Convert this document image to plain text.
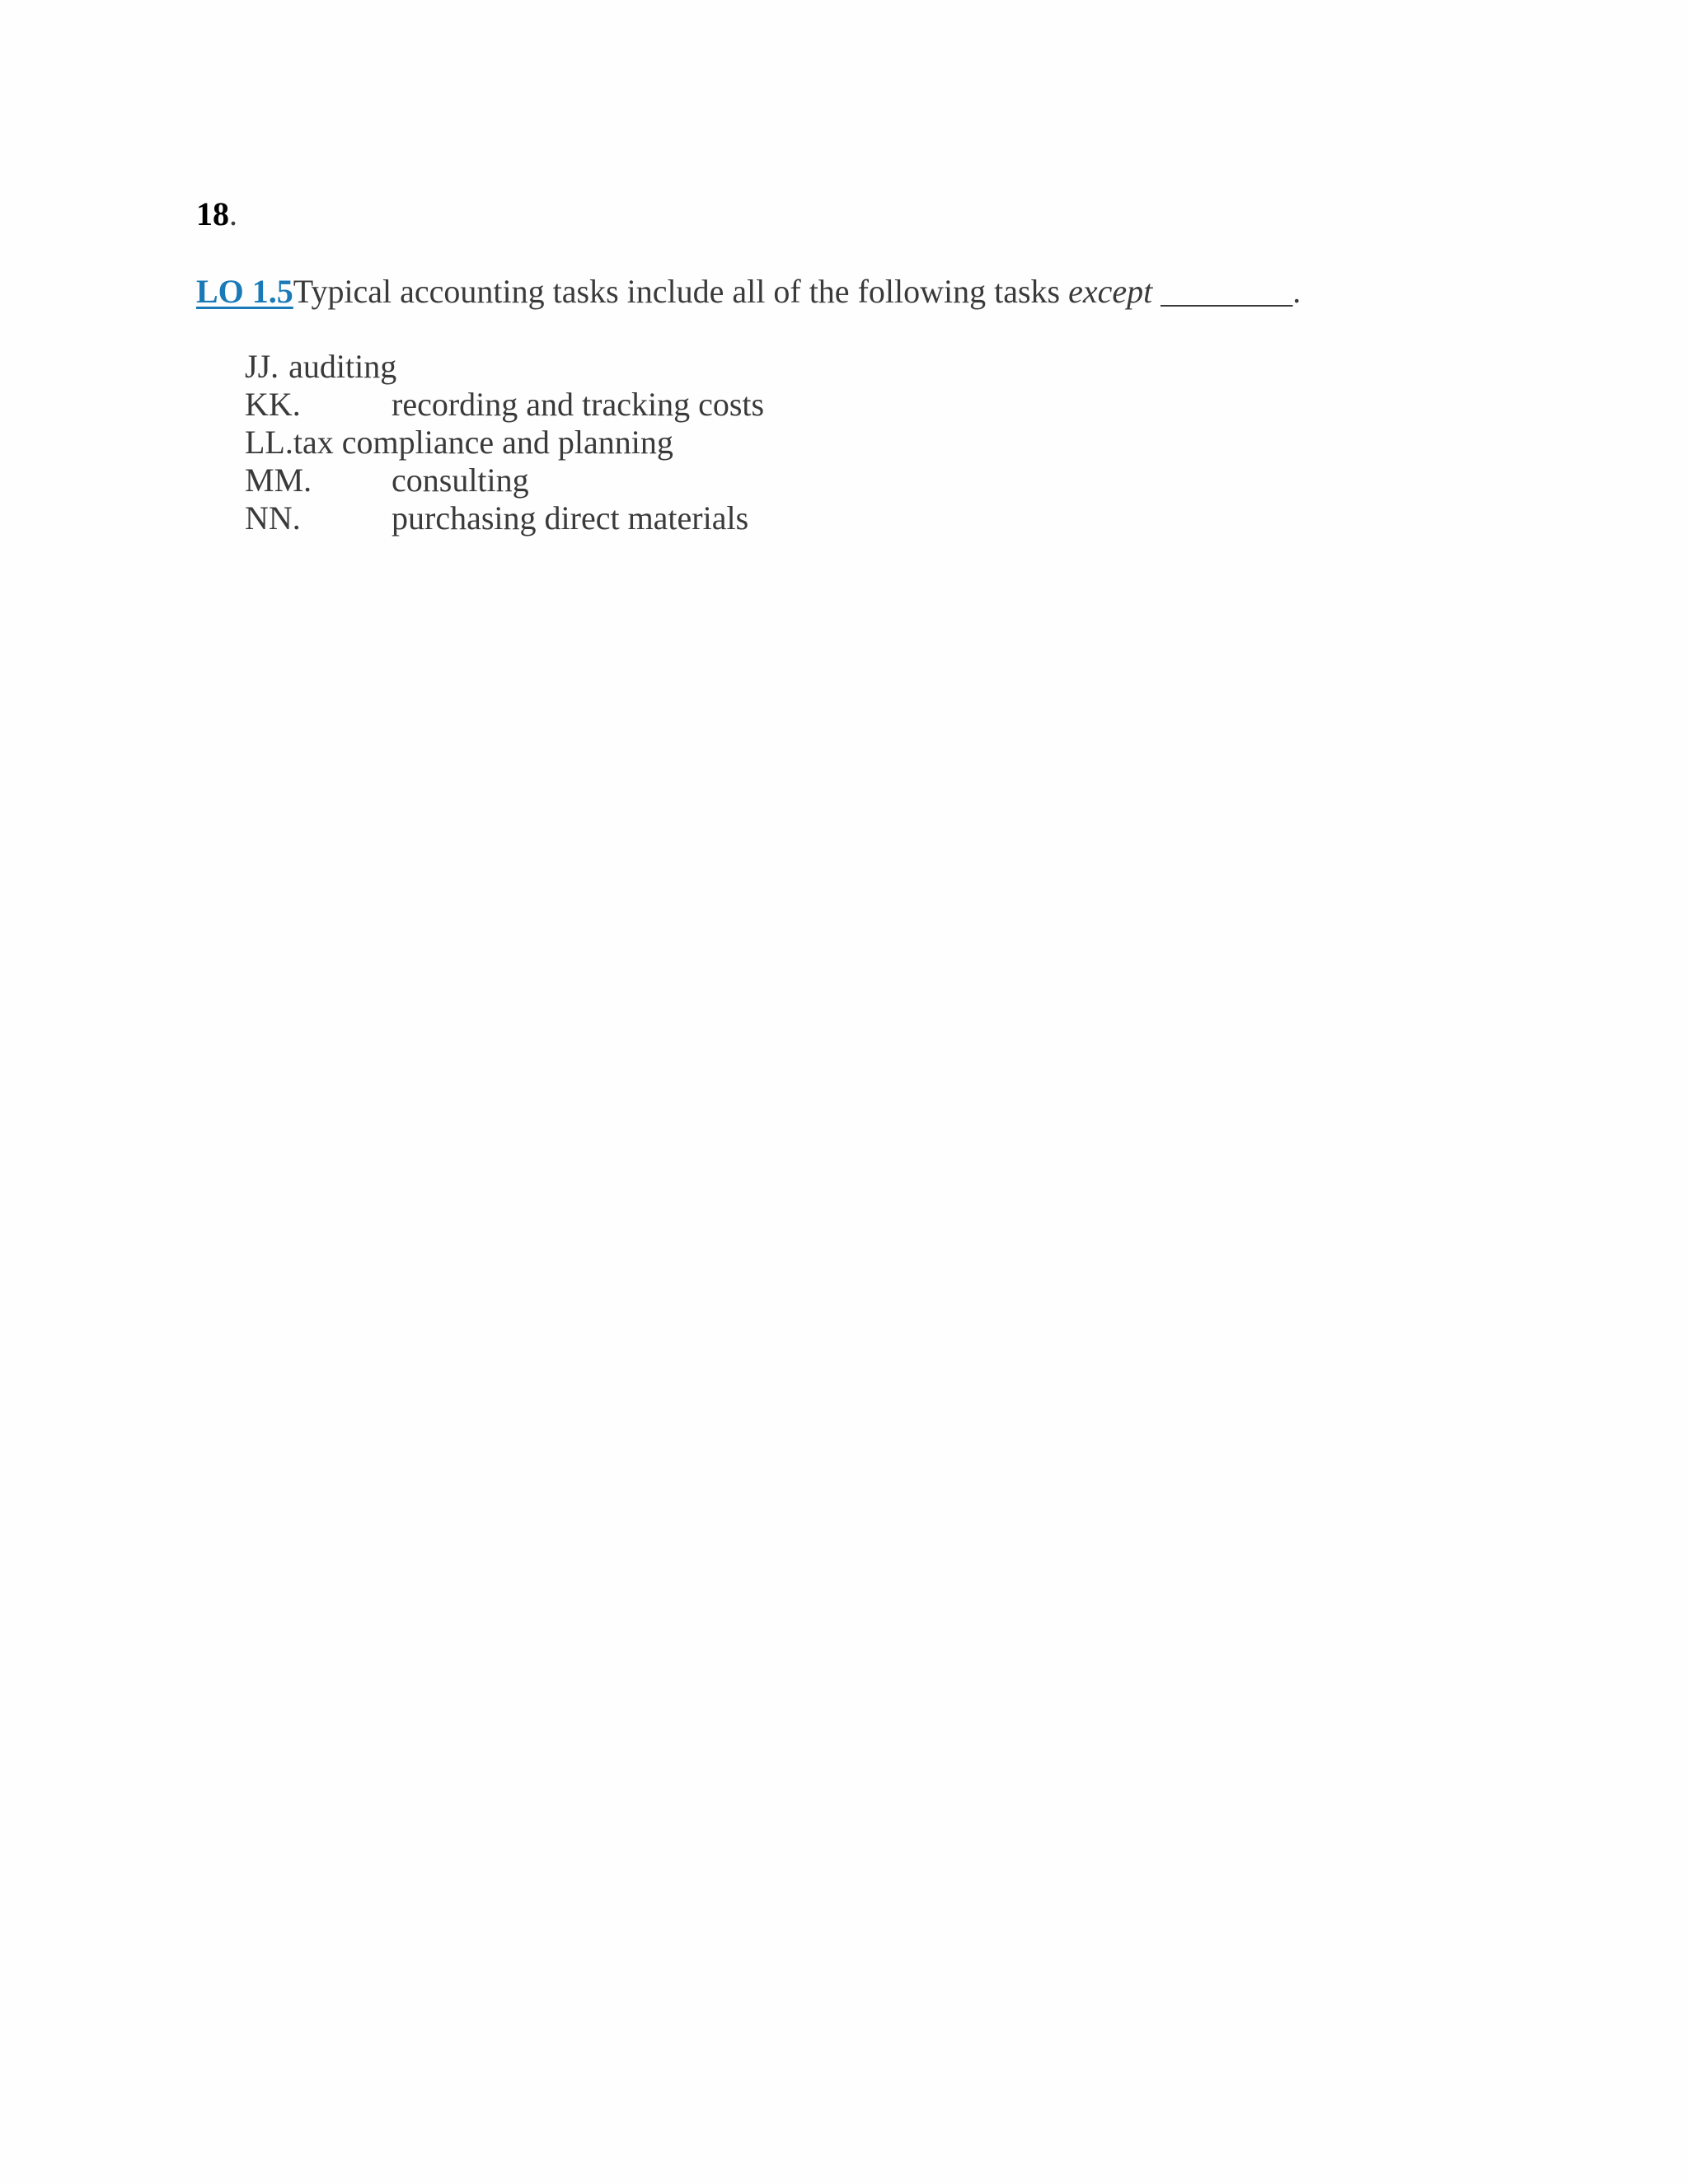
18.

LO 1.5Typical accounting tasks include all of the following tasks except ________.

JJ. auditing
KK.	recording and tracking costs
LL.tax compliance and planning
MM. consulting
NN.	purchasing direct materials
